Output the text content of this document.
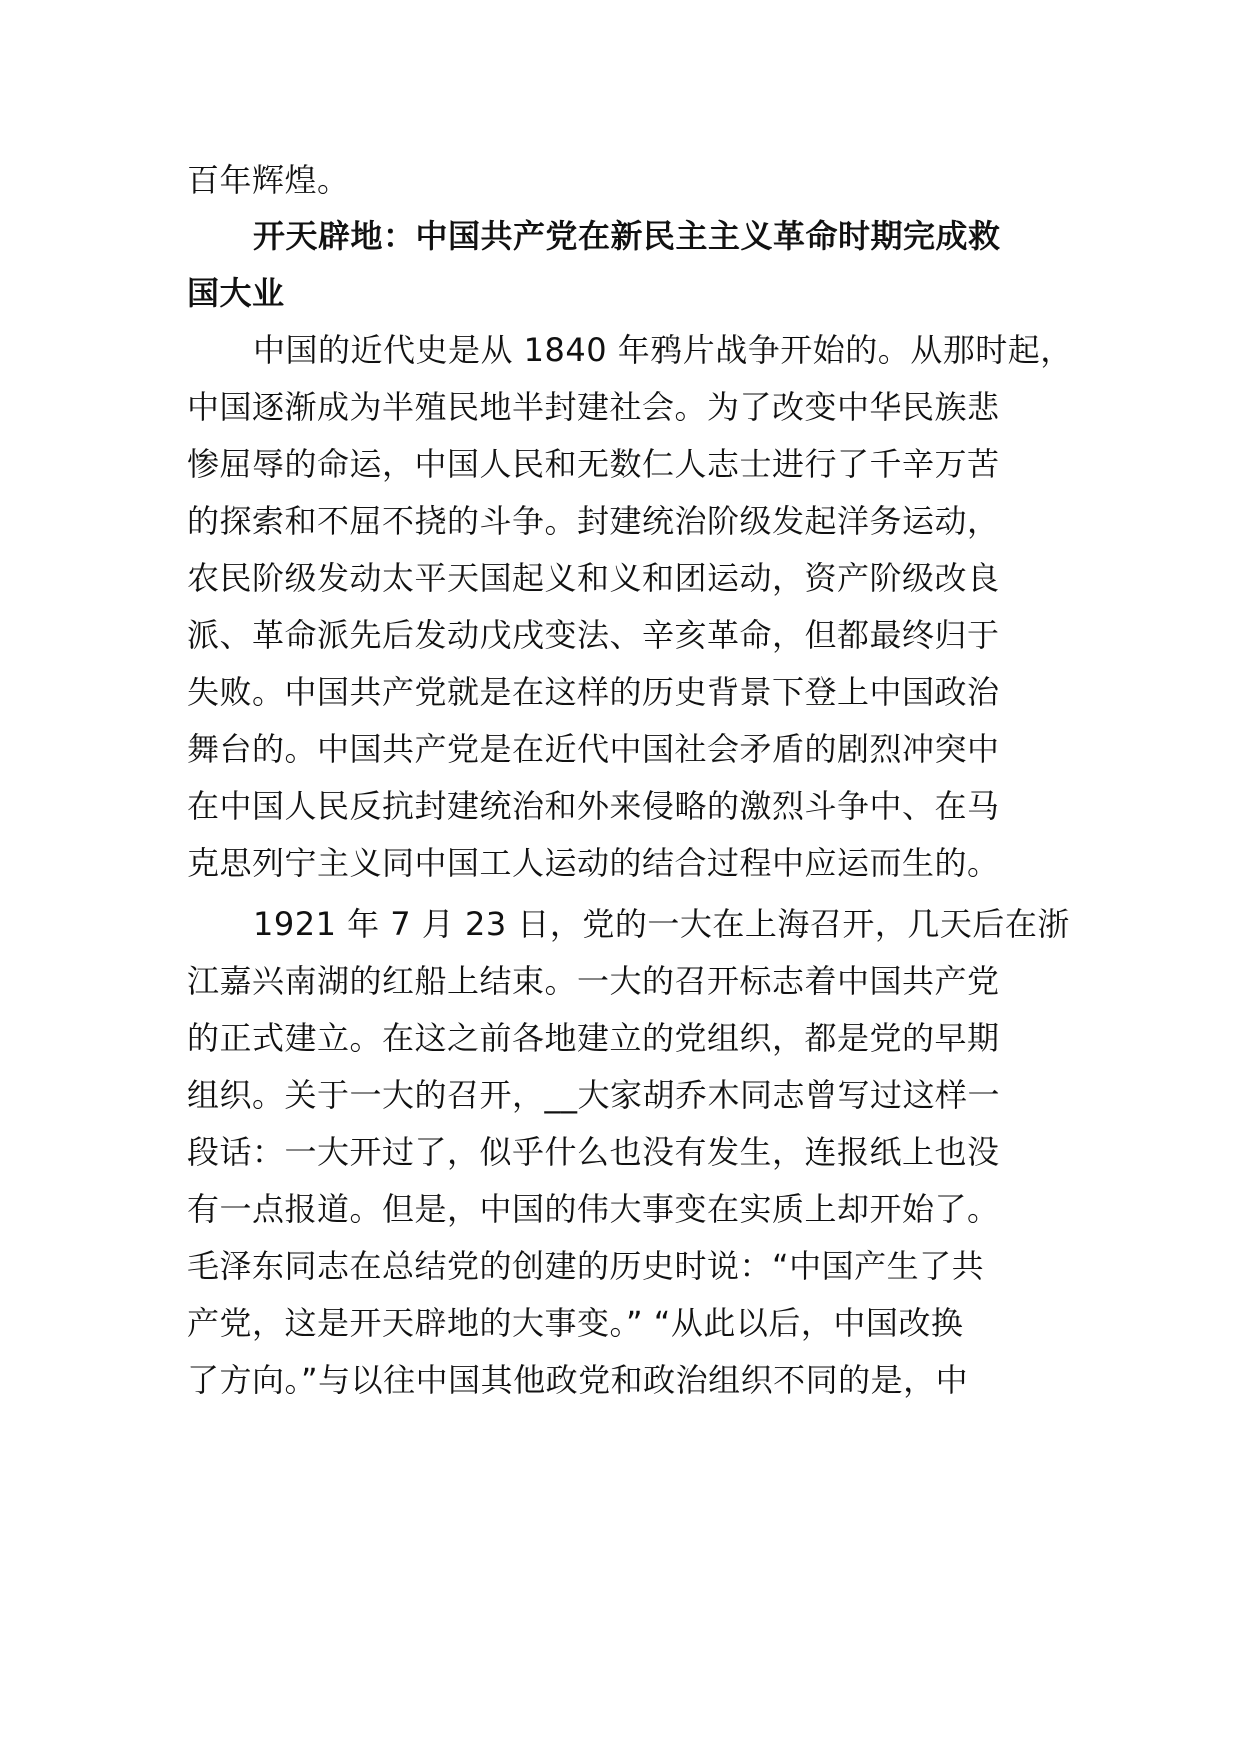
百年辉煌。
开天辟地：中国共产党在新民主主义革命时期完成救
国大业
中国的近代史是从 1840 年鸦片战争开始的。从那时起，
中国逐渐成为半殖民地半封建社会。为了改变中华民族悲
惨屈辱的命运，中国人民和无数仁人志士进行了千辛万苦
的探索和不屈不挠的斗争。封建统治阶级发起洋务运动，
农民阶级发动太平天国起义和义和团运动，资产阶级改良
派、革命派先后发动戊戌变法、辛亥革命，但都最终归于
失败。中国共产党就是在这样的历史背景下登上中国政治
舞台的。中国共产党是在近代中国社会矛盾的剧烈冲突中
在中国人民反抗封建统治和外来侵略的激烈斗争中、在马
克思列宁主义同中国工人运动的结合过程中应运而生的。
1921 年 7 月 23 日，党的一大在上海召开，几天后在浙
江嘉兴南湖的红船上结束。一大的召开标志着中国共产党
的正式建立。在这之前各地建立的党组织，都是党的早期
组织。关于一大的召开，__大家胡乔木同志曾写过这样一
段话：一大开过了，似乎什么也没有发生，连报纸上也没
有一点报道。但是，中国的伟大事变在实质上却开始了。
毛泽东同志在总结党的创建的历史时说：“中国产生了共
产党，这是开天辟地的大事变。” “从此以后，中国改换
了方向。”与以往中国其他政党和政治组织不同的是，中
